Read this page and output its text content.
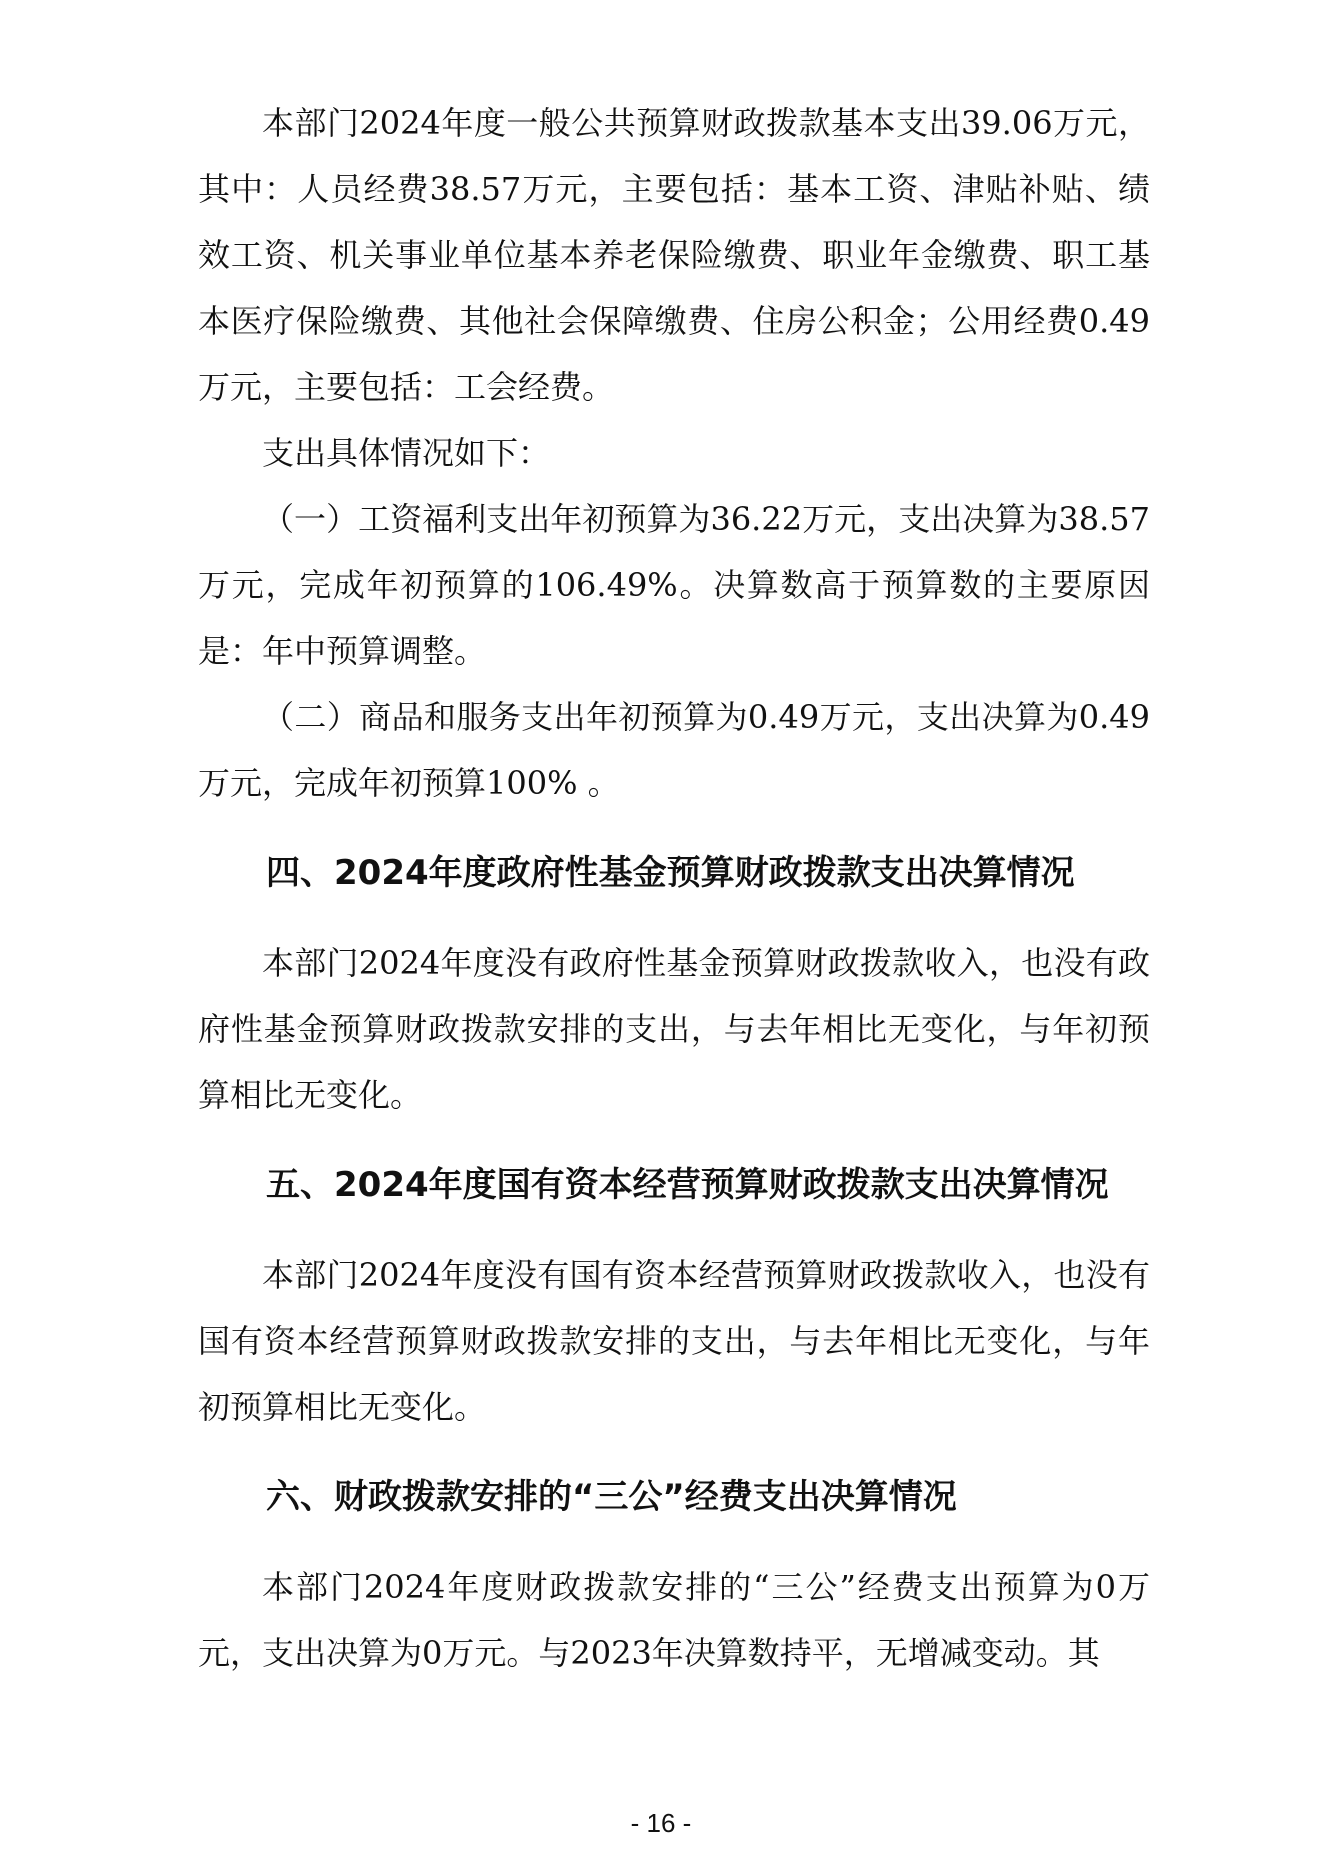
本部门2024年度一般公共预算财政拨款基本支出39.06万元，其中：人员经费38.57万元，主要包括：基本工资、津贴补贴、绩效工资、机关事业单位基本养老保险缴费、职业年金缴费、职工基本医疗保险缴费、其他社会保障缴费、住房公积金；公用经费0.49万元，主要包括：工会经费。

支出具体情况如下：

（一）工资福利支出年初预算为36.22万元，支出决算为38.57万元，完成年初预算的106.49%。决算数高于预算数的主要原因是：年中预算调整。

（二）商品和服务支出年初预算为0.49万元，支出决算为0.49万元，完成年初预算100% 。

四、2024年度政府性基金预算财政拨款支出决算情况

本部门2024年度没有政府性基金预算财政拨款收入，也没有政府性基金预算财政拨款安排的支出，与去年相比无变化，与年初预算相比无变化。

五、2024年度国有资本经营预算财政拨款支出决算情况

本部门2024年度没有国有资本经营预算财政拨款收入，也没有国有资本经营预算财政拨款安排的支出，与去年相比无变化，与年初预算相比无变化。

六、财政拨款安排的“三公”经费支出决算情况

本部门2024年度财政拨款安排的“三公”经费支出预算为0万元，支出决算为0万元。与2023年决算数持平，无增减变动。其

- 16 -
